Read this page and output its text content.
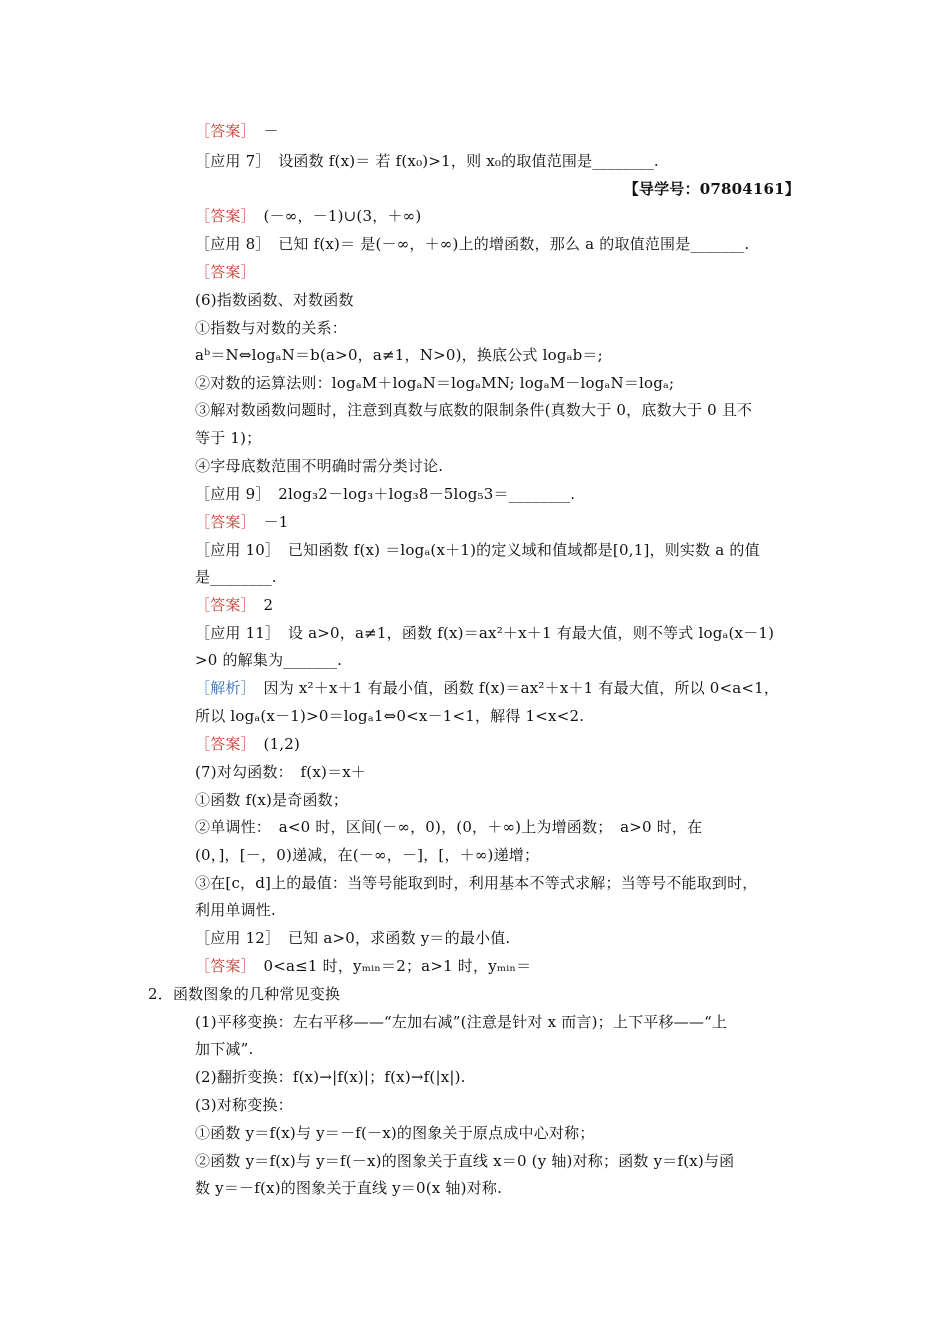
［答案］　－
［应用 7］　设函数 f(x)＝ 若 f(x₀)>1，则 x₀的取值范围是________.
【导学号：07804161】
［答案］　(－∞，－1)∪(3，＋∞)
［应用 8］　已知 f(x)＝ 是(－∞，＋∞)上的增函数，那么 a 的取值范围是_______.
［答案］
(6)指数函数、对数函数
①指数与对数的关系：
aᵇ＝N⇔logₐN＝b(a>0，a≠1，N>0)，换底公式 logₐb＝;
②对数的运算法则：logₐM＋logₐN＝logₐMN; logₐM－logₐN＝logₐ;
③解对数函数问题时，注意到真数与底数的限制条件(真数大于 0，底数大于 0 且不
等于 1)；
④字母底数范围不明确时需分类讨论.
［应用 9］　2log₃2－log₃＋log₃8－5log₅3＝________.
［答案］　－1
［应用 10］　已知函数 f(x) ＝logₐ(x＋1)的定义域和值域都是[0,1]，则实数 a 的值
是________.
［答案］　2
［应用 11］　设 a>0，a≠1，函数 f(x)＝ax²＋x＋1 有最大值，则不等式 logₐ(x－1)
>0 的解集为_______.
［解析］　因为 x²＋x＋1 有最小值，函数 f(x)＝ax²＋x＋1 有最大值，所以 0<a<1，
所以 logₐ(x－1)>0＝logₐ1⇔0<x－1<1，解得 1<x<2.
［答案］　(1,2)
(7)对勾函数：　f(x)＝x＋
①函数 f(x)是奇函数；
②单调性：　a<0 时，区间(－∞，0)，(0，＋∞)上为增函数；　a>0 时，在
(0，]，[－，0)递减，在(－∞，－]，[，＋∞)递增；
③在[c，d]上的最值：当等号能取到时，利用基本不等式求解；当等号不能取到时，
利用单调性.
［应用 12］　已知 a>0，求函数 y＝的最小值.
［答案］　0<a≤1 时，yₘᵢₙ＝2；a>1 时，yₘᵢₙ＝
2．函数图象的几种常见变换
(1)平移变换：左右平移——“左加右减”(注意是针对 x 而言)；上下平移——“上
加下减”.
(2)翻折变换：f(x)→|f(x)|；f(x)→f(|x|).
(3)对称变换：
①函数 y＝f(x)与 y＝－f(－x)的图象关于原点成中心对称；
②函数 y＝f(x)与 y＝f(－x)的图象关于直线 x＝0 (y 轴)对称；函数 y＝f(x)与函
数 y＝－f(x)的图象关于直线 y＝0(x 轴)对称.
